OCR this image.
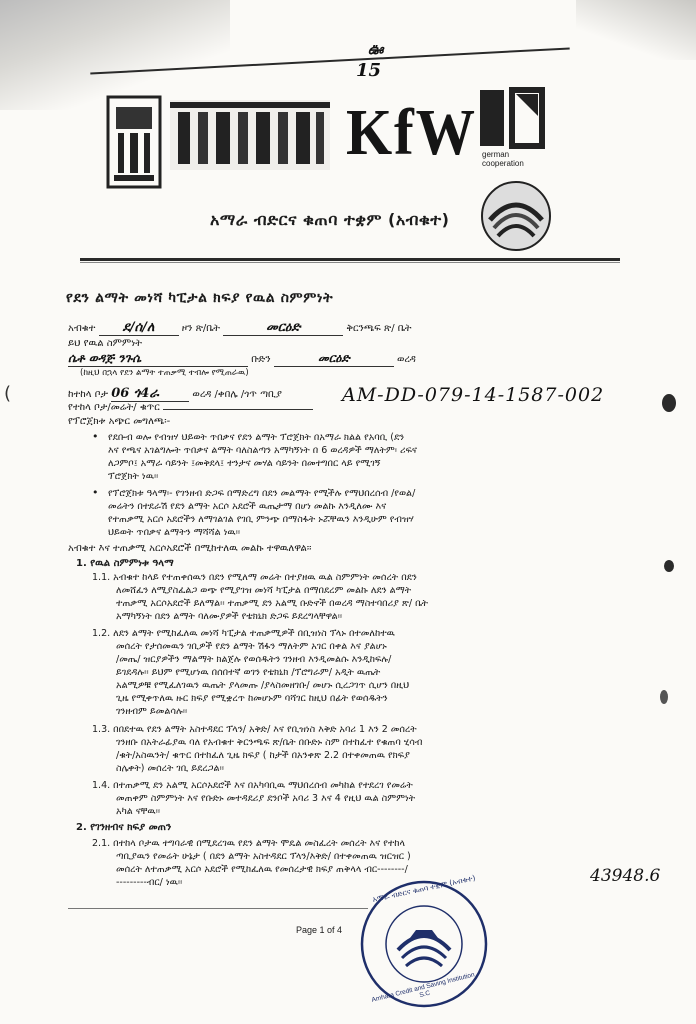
15
ఊ
KfW german
cooperation
አማራ ብድርና ቁጠባ ተቋም (አብቁተ)
የደን ልማት መነሻ ካፒታል ክፍያ የዉል ስምምነት
አብቁተ ደ/ሰ/ለ	ዞን ጽ/ቤት	መርዕድ	ቅርንጫፍ ጽ/ ቤት
ይህ የዉል ስምምነት
ሴቶ ወዳጅ ንጉሴ	ቡድን	መርዕድ	ወረዳ
(ከዚህ በኋላ የደን ልማት ተጠቃሚ ተብሎ የሚጠራዉ)
ከተከላ ቦታ 06 ጎ4ራ	ወረዳ /ቀበሌ /ጎጥ ጣቢያ
የተከላ ቦታ/መሬት/ ቁጥር
AM-DD-079-14-1587-002
የፕሮጀክቱ አጭር መግለጫ፡-
• የደቡብ ወሎ የብዝሃ ህይወት ጥበቃና የደን ልማት ፕሮጀክት በአማራ ክልል የአባቢ (ደን
እና የጫና አገልግሎት ጥበቃና ልማት ባለስልጣን አማካኝነት በ 6 ወረዳዎች ማለትም፡ ሪፍና
ለጋምቦ፤ አማራ ሳይንት ፤መቅደላ፤ ተንታና መሃል ሳይንት በመተግበር ላይ የሚገኝ
ፕሮጀክት ነዉ፡፡
• የፕሮጀክቱ ዓላማ፡- የገንዘብ ድጋፍ በማድረግ በደን መልማት የሚችሉ የማህበረሰብ /የወል/
መሬትን በተደራሽ የደን ልማት አርሶ አደሮች ዉጤታማ በሆነ መልኩ እንዲለሙ እና
የተጠቃሚ አርሶ አደሮችን ለማገልገል የገቢ ምንጭ በማስፋት ኑሯቸዉን እንዲሁም የብዝሃ
ህይወት ጥበቃና ልማትን ማሻሻል ነዉ፡፡
አብቁተ እና ተጠቃሚ አርሶአደሮች በሚከተለዉ መልኩ ተዋዉለዋል፡፡
1. የዉል ስምምነቱ ዓላማ
1.1. አብቁተ ከላይ የተጠቀሰዉን በደን የሚለማ መሬት በተያዘዉ ዉል ስምምነት መሰረት በደን
ለመሸፈን ለሚያስፈልጋ ወጭ የሚያገዝ መነሻ ካፒታል በማበደረም መልኩ ለደን ልማት
ተጠቃሚ አርሶአደሮች ይለማል፡፡ ተጠቃሚ ደን አልሚ ቡድኖች በወረዳ ማስተባበሪያ ጽ/ ቤት
አማካኝነት በደን ልማት ባለሙያዎች የቴክኒክ ድጋፍ ይደረግላቸዋል፡፡
1.2. ለደን ልማት የሚከፈለዉ መነሻ ካፒታል ተጠቃሚዎች በቢዝነስ ፕላኑ በተመለከተዉ
መሰረት የታሰመዉን ገቢዎች የደን ልማት ሽፋን ማለትም አገር በቀል እና ያልሆኑ
/መጤ/ ዝርያዎችን ማልማት ክልጀሉ የወሰዱትን ገንዘብ እንዲመልሱ እንዲከፍሉ/
ይገደዳሉ፡፡ ይህም የሚሆነዉ በሰበተኛ ወገን የቴክኒክ /ፕሮግራም/ አዲት ዉጤት
አልሚዎቹ የሚፈለገዉን ዉጤት ያላመጡ /ያላስመዘገቡ/ መሆኑ ሲረጋገጥ ሲሆን በዚህ
ጊዜ የሚቀጥለዉ ዙር ክፍያ የሚቋረጥ ከመሆኑም ባሻገር ከዚህ በፊት የወሰዱትን
ገንዘብም ይመልሳሉ፡፡
1.3. በበደተዉ የደን ልማት አስተዳደር ፕላን/ አቅድ/ እና የቢዝነስ እቅድ አባሪ 1 እን 2 መሰረት
ገንዘቡ በአትራፊያዉ ባለ የአብቁተ ቅርንጫፍ ጽ/ቤት በቡድኑ ስም በተከፈተ የቁጠባ ሂሳብ
/ቁት/አስዉንት/ ቁጥር በተከፈለ ጊዜ ክፍያ ( ከታች በአንቀጽ 2.2 በተቀመጠዉ የክፍያ
ስሌቀት) መሰረት ገቢ ይደረጋል፡፡
1.4. በተጠቃሚ ደን አልሚ አርሶአደሮች እና በአካባቢዉ ማህበረሰብ መካከል የተደረገ የመሬት
መጠቀም ስምምነት እና የቡድኑ መተዳደሪያ ደንቦች አባሪ 3 እና 4 የዚህ ዉል ስምምነት
አካል ናቸዉ፡፡
2. የገንዘብና ክፍያ መጠን
2.1. በተከላ ቦታዉ ተግባራዊ በሚደረገዉ የደን ልማት ሞዴል መስፈረት መሰረት እና የተከላ
ጣቢያዉን የመሬት ሁኔታ ( በደን ልማት አስተዳደር ፕላን/እቅድ/ በተቀመጠዉ ዝርዝር )
መሰረት ለተጠቃሚ አርሶ አደሮች የሚከፈለዉ የመሰረታዊ ክፍያ ጠቅላላ ብር--------/
---------ብር/ ነዉ፡፡	43948.6
Page 1 of 4
አማራ ብድርና ቁጠባ ተቋም (አብቁተ)
Amhara Credit and Saving Institution S.C
(
